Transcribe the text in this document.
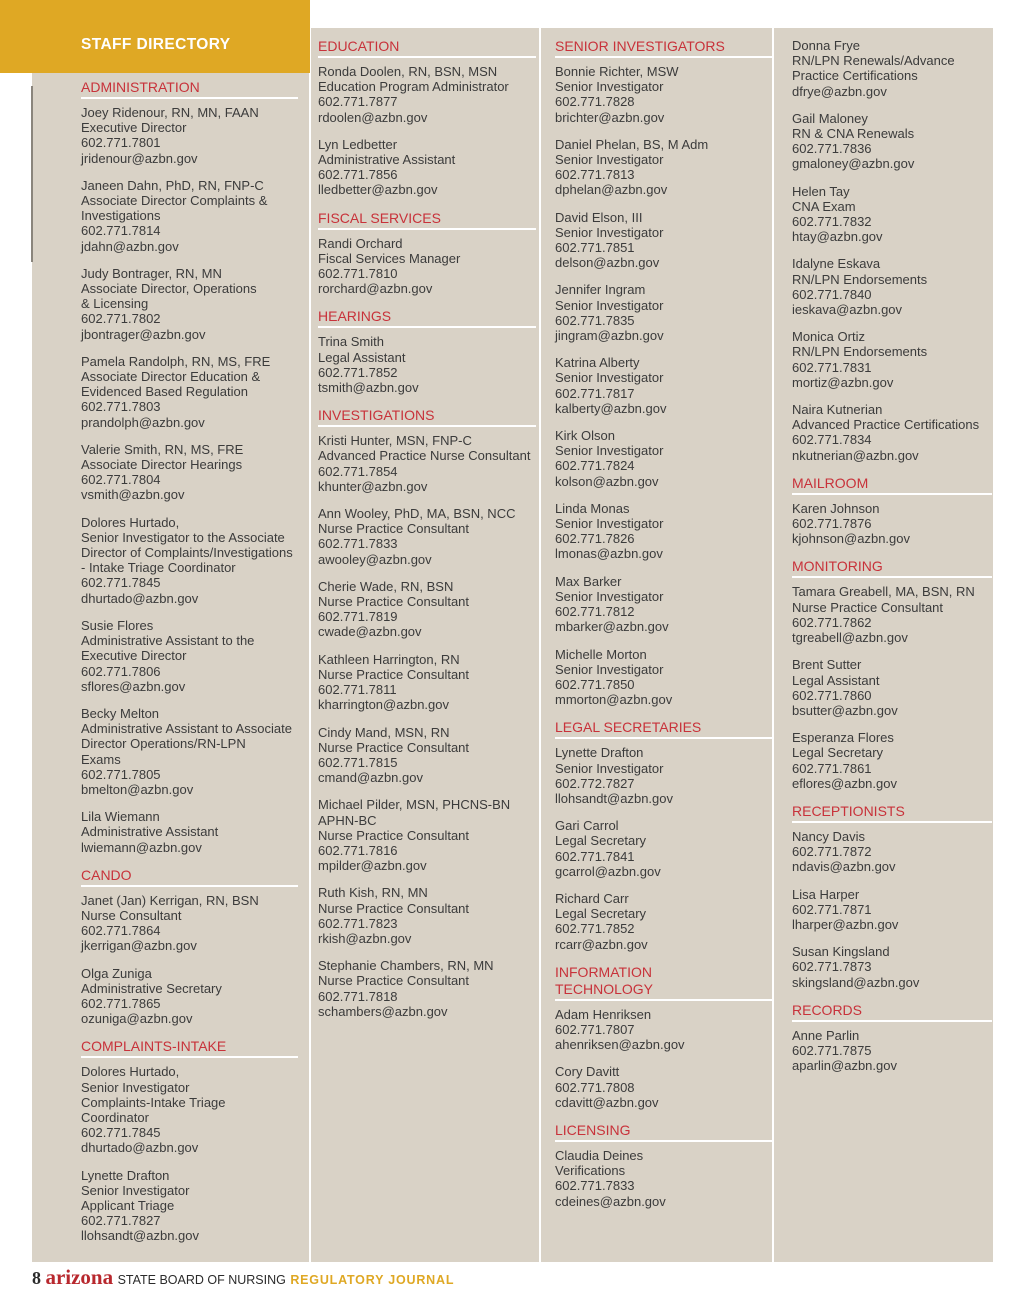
STAFF DIRECTORY
ADMINISTRATION
Joey Ridenour, RN, MN, FAAN
Executive Director
602.771.7801
jridenour@azbn.gov
Janeen Dahn, PhD, RN, FNP-C
Associate Director Complaints &
Investigations
602.771.7814
jdahn@azbn.gov
Judy Bontrager, RN, MN
Associate Director, Operations
& Licensing
602.771.7802
jbontrager@azbn.gov
Pamela Randolph, RN, MS, FRE
Associate Director Education &
Evidenced Based Regulation
602.771.7803
prandolph@azbn.gov
Valerie Smith, RN, MS, FRE
Associate Director Hearings
602.771.7804
vsmith@azbn.gov
Dolores Hurtado,
Senior Investigator to the Associate
Director of Complaints/Investigations
- Intake Triage Coordinator
602.771.7845
dhurtado@azbn.gov
Susie Flores
Administrative Assistant to the
Executive Director
602.771.7806
sflores@azbn.gov
Becky Melton
Administrative Assistant to Associate
Director Operations/RN-LPN
Exams
602.771.7805
bmelton@azbn.gov
Lila Wiemann
Administrative Assistant
lwiemann@azbn.gov
CANDO
Janet (Jan) Kerrigan, RN, BSN
Nurse Consultant
602.771.7864
jkerrigan@azbn.gov
Olga Zuniga
Administrative Secretary
602.771.7865
ozuniga@azbn.gov
COMPLAINTS-INTAKE
Dolores Hurtado,
Senior Investigator
Complaints-Intake Triage
Coordinator
602.771.7845
dhurtado@azbn.gov
Lynette Drafton
Senior Investigator
Applicant Triage
602.771.7827
llohsandt@azbn.gov
EDUCATION
Ronda Doolen, RN, BSN, MSN
Education Program Administrator
602.771.7877
rdoolen@azbn.gov
Lyn Ledbetter
Administrative Assistant
602.771.7856
lledbetter@azbn.gov
FISCAL SERVICES
Randi Orchard
Fiscal Services Manager
602.771.7810
rorchard@azbn.gov
HEARINGS
Trina Smith
Legal Assistant
602.771.7852
tsmith@azbn.gov
INVESTIGATIONS
Kristi Hunter, MSN, FNP-C
Advanced Practice Nurse Consultant
602.771.7854
khunter@azbn.gov
Ann Wooley, PhD, MA, BSN, NCC
Nurse Practice Consultant
602.771.7833
awooley@azbn.gov
Cherie Wade, RN, BSN
Nurse Practice Consultant
602.771.7819
cwade@azbn.gov
Kathleen Harrington, RN
Nurse Practice Consultant
602.771.7811
kharrington@azbn.gov
Cindy Mand, MSN, RN
Nurse Practice Consultant
602.771.7815
cmand@azbn.gov
Michael Pilder, MSN, PHCNS-BN
APHN-BC
Nurse Practice Consultant
602.771.7816
mpilder@azbn.gov
Ruth Kish, RN, MN
Nurse Practice Consultant
602.771.7823
rkish@azbn.gov
Stephanie Chambers, RN, MN
Nurse Practice Consultant
602.771.7818
schambers@azbn.gov
SENIOR INVESTIGATORS
Bonnie Richter, MSW
Senior Investigator
602.771.7828
brichter@azbn.gov
Daniel Phelan, BS, M Adm
Senior Investigator
602.771.7813
dphelan@azbn.gov
David Elson, III
Senior Investigator
602.771.7851
delson@azbn.gov
Jennifer Ingram
Senior Investigator
602.771.7835
jingram@azbn.gov
Katrina Alberty
Senior Investigator
602.771.7817
kalberty@azbn.gov
Kirk Olson
Senior Investigator
602.771.7824
kolson@azbn.gov
Linda Monas
Senior Investigator
602.771.7826
lmonas@azbn.gov
Max Barker
Senior Investigator
602.771.7812
mbarker@azbn.gov
Michelle Morton
Senior Investigator
602.771.7850
mmorton@azbn.gov
LEGAL SECRETARIES
Lynette Drafton
Senior Investigator
602.772.7827
llohsandt@azbn.gov
Gari Carrol
Legal Secretary
602.771.7841
gcarrol@azbn.gov
Richard Carr
Legal Secretary
602.771.7852
rcarr@azbn.gov
INFORMATION
TECHNOLOGY
Adam Henriksen
602.771.7807
ahenriksen@azbn.gov
Cory Davitt
602.771.7808
cdavitt@azbn.gov
LICENSING
Claudia Deines
Verifications
602.771.7833
cdeines@azbn.gov
Donna Frye
RN/LPN Renewals/Advance
Practice Certifications
dfrye@azbn.gov
Gail Maloney
RN & CNA Renewals
602.771.7836
gmaloney@azbn.gov
Helen Tay
CNA Exam
602.771.7832
htay@azbn.gov
Idalyne Eskava
RN/LPN Endorsements
602.771.7840
ieskava@azbn.gov
Monica Ortiz
RN/LPN Endorsements
602.771.7831
mortiz@azbn.gov
Naira Kutnerian
Advanced Practice Certifications
602.771.7834
nkutnerian@azbn.gov
MAILROOM
Karen Johnson
602.771.7876
kjohnson@azbn.gov
MONITORING
Tamara Greabell, MA, BSN, RN
Nurse Practice Consultant
602.771.7862
tgreabell@azbn.gov
Brent Sutter
Legal Assistant
602.771.7860
bsutter@azbn.gov
Esperanza Flores
Legal Secretary
602.771.7861
eflores@azbn.gov
RECEPTIONISTS
Nancy Davis
602.771.7872
ndavis@azbn.gov
Lisa Harper
602.771.7871
lharper@azbn.gov
Susan Kingsland
602.771.7873
skingsland@azbn.gov
RECORDS
Anne Parlin
602.771.7875
aparlin@azbn.gov
8 arizona STATE BOARD OF NURSING REGULATORY JOURNAL
